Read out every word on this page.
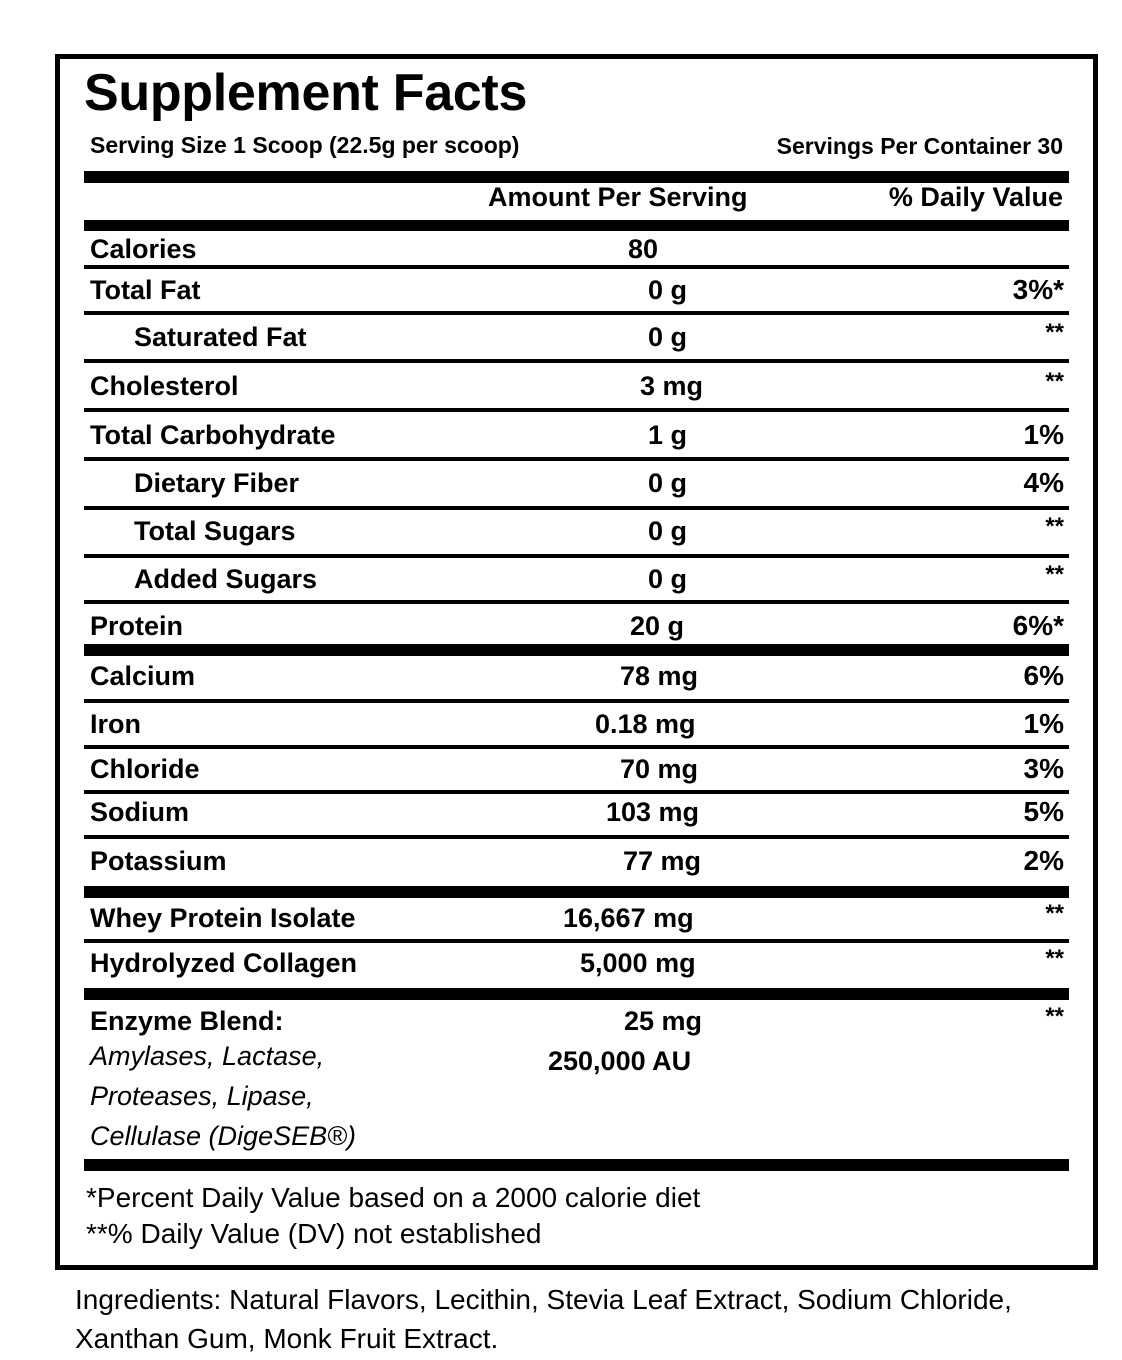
Supplement Facts
Serving Size 1 Scoop (22.5g per scoop)	Servings Per Container 30
Amount Per Serving	% Daily Value
Calories	80
Total Fat	0 g	3%*
Saturated Fat	0 g	**
Cholesterol	3 mg	**
Total Carbohydrate	1 g	1%
Dietary Fiber	0 g	4%
Total Sugars	0 g	**
Added Sugars	0 g	**
Protein	20 g	6%*
Calcium	78 mg	6%
Iron	0.18 mg	1%
Chloride	70 mg	3%
Sodium	103 mg	5%
Potassium	77 mg	2%
Whey Protein Isolate	16,667 mg	**
Hydrolyzed Collagen	5,000 mg	**
Enzyme Blend:	25 mg	**
250,000 AU
Amylases, Lactase,
Proteases, Lipase,
Cellulase (DigeSEB®)
*Percent Daily Value based on a 2000 calorie diet
**% Daily Value (DV) not established
Ingredients: Natural Flavors, Lecithin, Stevia Leaf Extract, Sodium Chloride, Xanthan Gum, Monk Fruit Extract.
